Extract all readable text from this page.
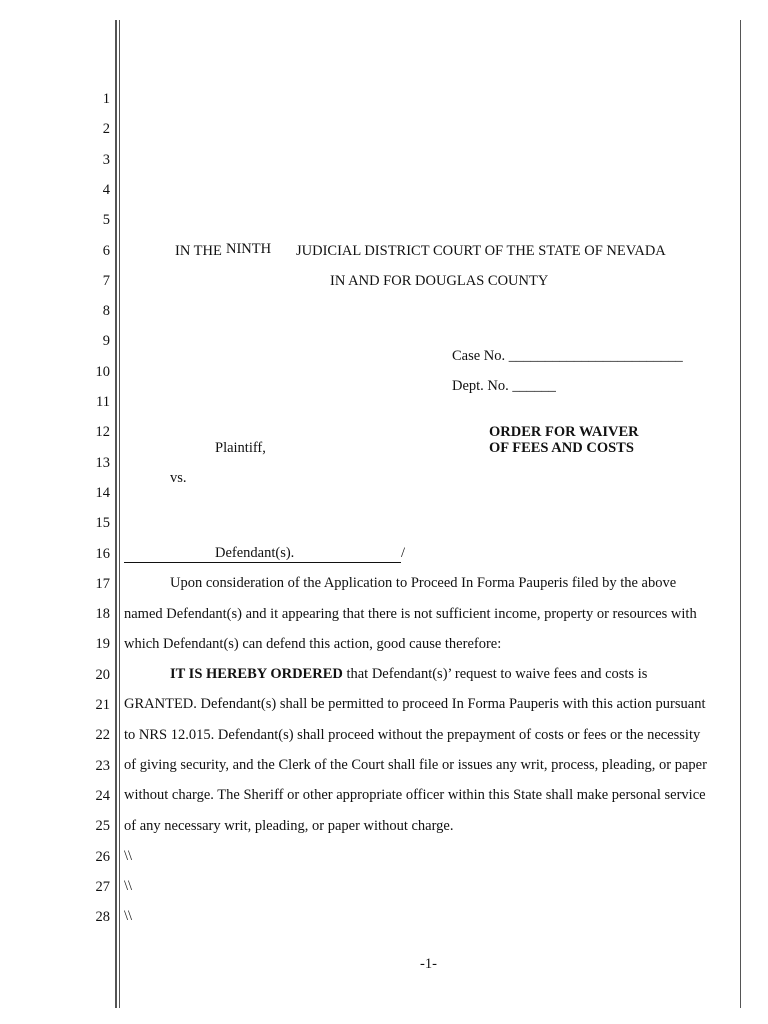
1
2
3
4
5
6
7
8
9
10
11
12
13
14
15
16
17
18
19
20
21
22
23
24
25
26
27
28
IN THE NINTH JUDICIAL DISTRICT COURT OF THE STATE OF NEVADA
IN AND FOR DOUGLAS COUNTY
Case No. ________________________
Dept. No. ______
ORDER FOR WAIVER
OF FEES AND COSTS
Plaintiff,
vs.
Defendant(s).	/
Upon consideration of the Application to Proceed In Forma Pauperis filed by the above
named Defendant(s) and it appearing that there is not sufficient income, property or resources with
which Defendant(s) can defend this action, good cause therefore:
IT IS HEREBY ORDERED that Defendant(s)’ request to waive fees and costs is
GRANTED. Defendant(s) shall be permitted to proceed In Forma Pauperis with this action pursuant
to NRS 12.015. Defendant(s) shall proceed without the prepayment of costs or fees or the necessity
of giving security, and the Clerk of the Court shall file or issues any writ, process, pleading, or paper
without charge. The Sheriff or other appropriate officer within this State shall make personal service
of any necessary writ, pleading, or paper without charge.
\\
\\
\\
-1-
